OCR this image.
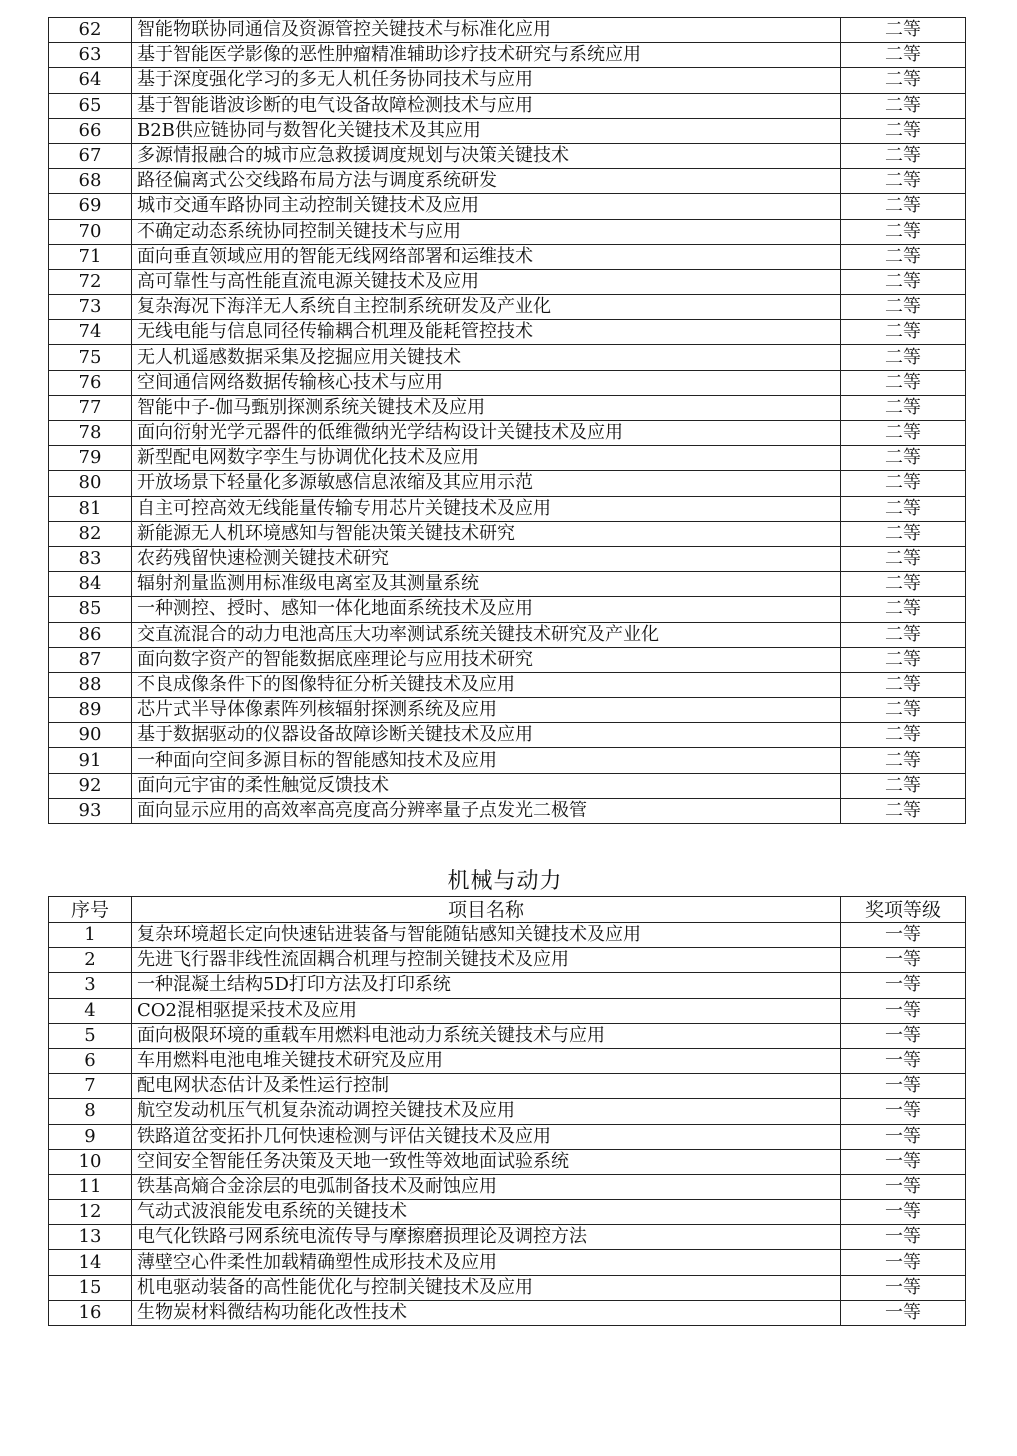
62	智能物联协同通信及资源管控关键技术与标准化应用	二等
63	基于智能医学影像的恶性肿瘤精准辅助诊疗技术研究与系统应用	二等
64	基于深度强化学习的多无人机任务协同技术与应用	二等
65	基于智能谐波诊断的电气设备故障检测技术与应用	二等
66	B2B供应链协同与数智化关键技术及其应用	二等
67	多源情报融合的城市应急救援调度规划与决策关键技术	二等
68	路径偏离式公交线路布局方法与调度系统研发	二等
69	城市交通车路协同主动控制关键技术及应用	二等
70	不确定动态系统协同控制关键技术与应用	二等
71	面向垂直领域应用的智能无线网络部署和运维技术	二等
72	高可靠性与高性能直流电源关键技术及应用	二等
73	复杂海况下海洋无人系统自主控制系统研发及产业化	二等
74	无线电能与信息同径传输耦合机理及能耗管控技术	二等
75	无人机遥感数据采集及挖掘应用关键技术	二等
76	空间通信网络数据传输核心技术与应用	二等
77	智能中子-伽马甄别探测系统关键技术及应用	二等
78	面向衍射光学元器件的低维微纳光学结构设计关键技术及应用	二等
79	新型配电网数字孪生与协调优化技术及应用	二等
80	开放场景下轻量化多源敏感信息浓缩及其应用示范	二等
81	自主可控高效无线能量传输专用芯片关键技术及应用	二等
82	新能源无人机环境感知与智能决策关键技术研究	二等
83	农药残留快速检测关键技术研究	二等
84	辐射剂量监测用标准级电离室及其测量系统	二等
85	一种测控、授时、感知一体化地面系统技术及应用	二等
86	交直流混合的动力电池高压大功率测试系统关键技术研究及产业化	二等
87	面向数字资产的智能数据底座理论与应用技术研究	二等
88	不良成像条件下的图像特征分析关键技术及应用	二等
89	芯片式半导体像素阵列核辐射探测系统及应用	二等
90	基于数据驱动的仪器设备故障诊断关键技术及应用	二等
91	一种面向空间多源目标的智能感知技术及应用	二等
92	面向元宇宙的柔性触觉反馈技术	二等
93	面向显示应用的高效率高亮度高分辨率量子点发光二极管	二等
机械与动力
序号	项目名称	奖项等级
1	复杂环境超长定向快速钻进装备与智能随钻感知关键技术及应用	一等
2	先进飞行器非线性流固耦合机理与控制关键技术及应用	一等
3	一种混凝土结构5D打印方法及打印系统	一等
4	CO2混相驱提采技术及应用	一等
5	面向极限环境的重载车用燃料电池动力系统关键技术与应用	一等
6	车用燃料电池电堆关键技术研究及应用	一等
7	配电网状态估计及柔性运行控制	一等
8	航空发动机压气机复杂流动调控关键技术及应用	一等
9	铁路道岔变拓扑几何快速检测与评估关键技术及应用	一等
10	空间安全智能任务决策及天地一致性等效地面试验系统	一等
11	铁基高熵合金涂层的电弧制备技术及耐蚀应用	一等
12	气动式波浪能发电系统的关键技术	一等
13	电气化铁路弓网系统电流传导与摩擦磨损理论及调控方法	一等
14	薄壁空心件柔性加载精确塑性成形技术及应用	一等
15	机电驱动装备的高性能优化与控制关键技术及应用	一等
16	生物炭材料微结构功能化改性技术	一等
